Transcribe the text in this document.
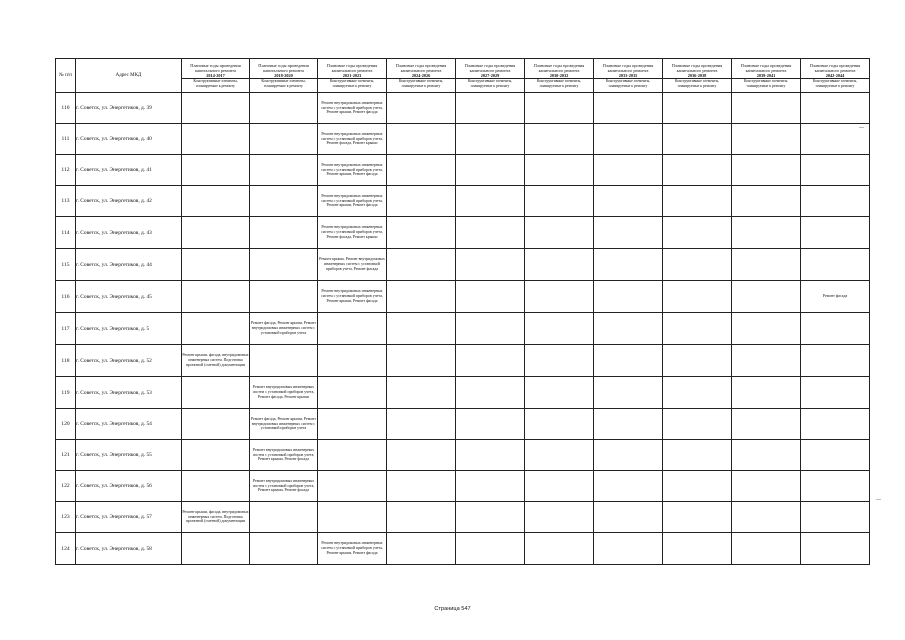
№ п/п	Адрес МКД	Плановые годы проведения капитального ремонта
2014-2017
Конструктивные элементы, планируемые к ремонту	Плановые годы проведения капитального ремонта
2018-2020
Конструктивные элементы, планируемые к ремонту	Плановые годы проведения капитального ремонта
2021-2023
Конструктивные элементы, планируемые к ремонту	Плановые годы проведения капитального ремонта
2024-2026
Конструктивные элементы, планируемые к ремонту	Плановые годы проведения капитального ремонта
2027-2029
Конструктивные элементы, планируемые к ремонту	Плановые годы проведения капитального ремонта
2030-2032
Конструктивные элементы, планируемые к ремонту	Плановые годы проведения капитального ремонта
2033-2035
Конструктивные элементы, планируемые к ремонту	Плановые годы проведения капитального ремонта
2036-2038
Конструктивные элементы, планируемые к ремонту	Плановые годы проведения капитального ремонта
2039-2041
Конструктивные элементы, планируемые к ремонту	Плановые годы проведения капитального ремонта
2042-2044
Конструктивные элементы, планируемые к ремонту

110	г. Советск, ул. Энергетиков, д. 39			Ремонт внутридомовых инженерных систем с установкой приборов учета, Ремонт крыши, Ремонт фасада							
111	г. Советск, ул. Энергетиков, д. 40			Ремонт внутридомовых инженерных систем с установкой приборов учета, Ремонт фасада, Ремонт крыши							
112	г. Советск, ул. Энергетиков, д. 41			Ремонт внутридомовых инженерных систем с установкой приборов учета, Ремонт крыши, Ремонт фасада							
113	г. Советск, ул. Энергетиков, д. 42			Ремонт внутридомовых инженерных систем с установкой приборов учета, Ремонт крыши, Ремонт фасада							
114	г. Советск, ул. Энергетиков, д. 43			Ремонт внутридомовых инженерных систем с установкой приборов учета, Ремонт фасада, Ремонт крыши							
115	г. Советск, ул. Энергетиков, д. 44			Ремонт крыши, Ремонт внутридомовых инженерных систем с установкой приборов учета, Ремонт фасада							
116	г. Советск, ул. Энергетиков, д. 45			Ремонт внутридомовых инженерных систем с установкой приборов учета, Ремонт крыши, Ремонт фасада							Ремонт фасада
117	г. Советск, ул. Энергетиков, д. 5		Ремонт фасада, Ремонт крыши, Ремонт внутридомовых инженерных систем с установкой приборов учета								
118	г. Советск, ул. Энергетиков, д. 52	Ремонт крыши, фасада, внутридомовых инженерных систем. Подготовка проектной (сметной) документации									
119	г. Советск, ул. Энергетиков, д. 53		Ремонт внутридомовых инженерных систем с установкой приборов учета, Ремонт фасада, Ремонт крыши								
120	г. Советск, ул. Энергетиков, д. 54		Ремонт фасада, Ремонт крыши, Ремонт внутридомовых инженерных систем с установкой приборов учета								
121	г. Советск, ул. Энергетиков, д. 55		Ремонт внутридомовых инженерных систем с установкой приборов учета, Ремонт крыши, Ремонт фасада								
122	г. Советск, ул. Энергетиков, д. 56		Ремонт внутридомовых инженерных систем с установкой приборов учета, Ремонт крыши, Ремонт фасада								
123	г. Советск, ул. Энергетиков, д. 57	Ремонт крыши, фасада, внутридомовых инженерных систем. Подготовка проектной (сметной) документации									
124	г. Советск, ул. Энергетиков, д. 58			Ремонт внутридомовых инженерных систем с установкой приборов учета, Ремонт крыши, Ремонт фасада							
Страница 547
